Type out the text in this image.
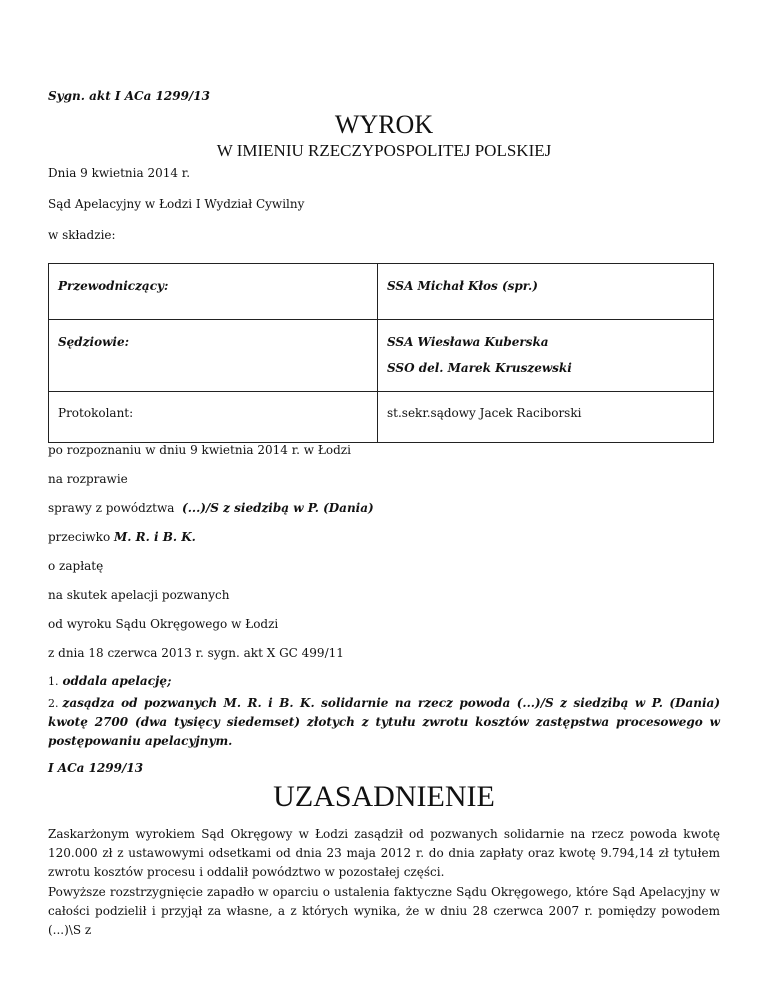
Sygn. akt I ACa 1299/13
WYROK
W IMIENIU RZECZYPOSPOLITEJ POLSKIEJ
Dnia 9 kwietnia 2014 r.
Sąd Apelacyjny w Łodzi I Wydział Cywilny
w składzie:
Przewodniczący:	SSA Michał Kłos (spr.)
Sędziowie:	SSA Wiesława Kuberska
SSO del. Marek Kruszewski

Protokolant:	st.sekr.sądowy Jacek Raciborski
po rozpoznaniu w dniu 9 kwietnia 2014 r. w Łodzi
na rozprawie
sprawy z powództwa (...)/S z siedzibą w P. (Dania)
przeciwko M. R. i B. K.
o zapłatę
na skutek apelacji pozwanych
od wyroku Sądu Okręgowego w Łodzi
z dnia 18 czerwca 2013 r. sygn. akt X GC 499/11
1. oddala apelację;
2. zasądza od pozwanych M. R. i B. K. solidarnie na rzecz powoda (...)/S z siedzibą w P. (Dania) kwotę 2700 (dwa tysięcy siedemset) złotych z tytułu zwrotu kosztów zastępstwa procesowego w postępowaniu apelacyjnym.
I ACa 1299/13
UZASADNIENIE
Zaskarżonym wyrokiem Sąd Okręgowy w Łodzi zasądził od pozwanych solidarnie na rzecz powoda kwotę 120.000 zł z ustawowymi odsetkami od dnia 23 maja 2012 r. do dnia zapłaty oraz kwotę 9.794,14 zł tytułem zwrotu kosztów procesu i oddalił powództwo w pozostałej części.
Powyższe rozstrzygnięcie zapadło w oparciu o ustalenia faktyczne Sądu Okręgowego, które Sąd Apelacyjny w całości podzielił i przyjął za własne, a z których wynika, że w dniu 28 czerwca 2007 r. pomiędzy powodem (...)\S z
